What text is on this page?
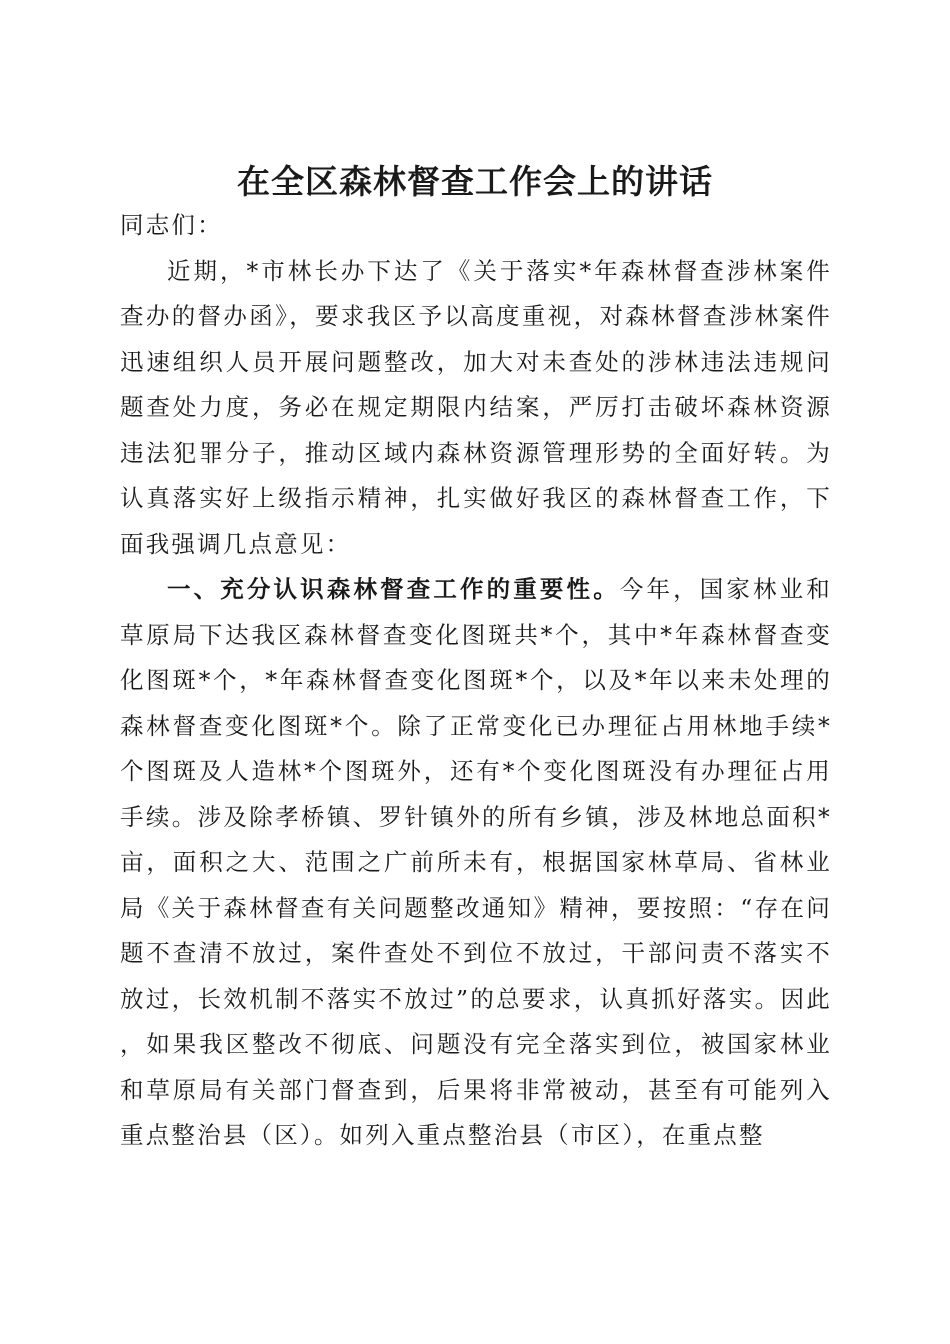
在全区森林督查工作会上的讲话

同志们：

近期，*市林长办下达了《关于落实*年森林督查涉林案件查办的督办函》，要求我区予以高度重视，对森林督查涉林案件迅速组织人员开展问题整改，加大对未查处的涉林违法违规问题查处力度，务必在规定期限内结案，严厉打击破坏森林资源违法犯罪分子，推动区域内森林资源管理形势的全面好转。为认真落实好上级指示精神，扎实做好我区的森林督查工作，下面我强调几点意见：

一、充分认识森林督查工作的重要性。今年，国家林业和草原局下达我区森林督查变化图斑共*个，其中*年森林督查变化图斑*个，*年森林督查变化图斑*个，以及*年以来未处理的森林督查变化图斑*个。除了正常变化已办理征占用林地手续*个图斑及人造林*个图斑外，还有*个变化图斑没有办理征占用手续。涉及除孝桥镇、罗针镇外的所有乡镇，涉及林地总面积*亩，面积之大、范围之广前所未有，根据国家林草局、省林业局《关于森林督查有关问题整改通知》精神，要按照：“存在问题不查清不放过，案件查处不到位不放过，干部问责不落实不放过，长效机制不落实不放过”的总要求，认真抓好落实。因此，如果我区整改不彻底、问题没有完全落实到位，被国家林业和草原局有关部门督查到，后果将非常被动，甚至有可能列入重点整治县（区）。如列入重点整治县（市区），在重点整
